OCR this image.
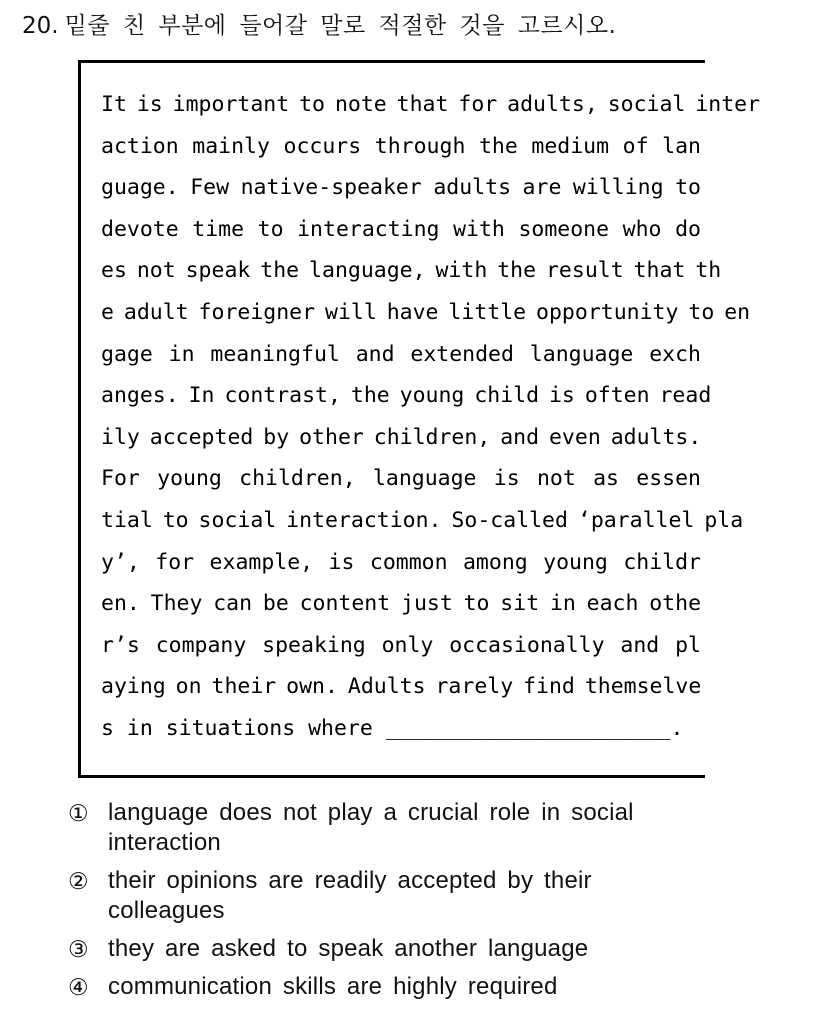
20. 밑줄 친 부분에 들어갈 말로 적절한 것을 고르시오.
It is important to note that for adults, social inter
action mainly occurs through the medium of lan
guage. Few native-speaker adults are willing to
devote time to interacting with someone who do
es not speak the language, with the result that th
e adult foreigner will have little opportunity to en
gage in meaningful and extended language exch
anges. In contrast, the young child is often read
ily accepted by other children, and even adults.
For young children, language is not as essen
tial to social interaction. So-called ‘parallel pla
y’, for example, is common among young childr
en. They can be content just to sit in each othe
r’s company speaking only occasionally and pl
aying on their own. Adults rarely find themselve
s in situations where ______________________.
① language does not play a crucial role in social
interaction
② their opinions are readily accepted by their
colleagues
③ they are asked to speak another language
④ communication skills are highly required
